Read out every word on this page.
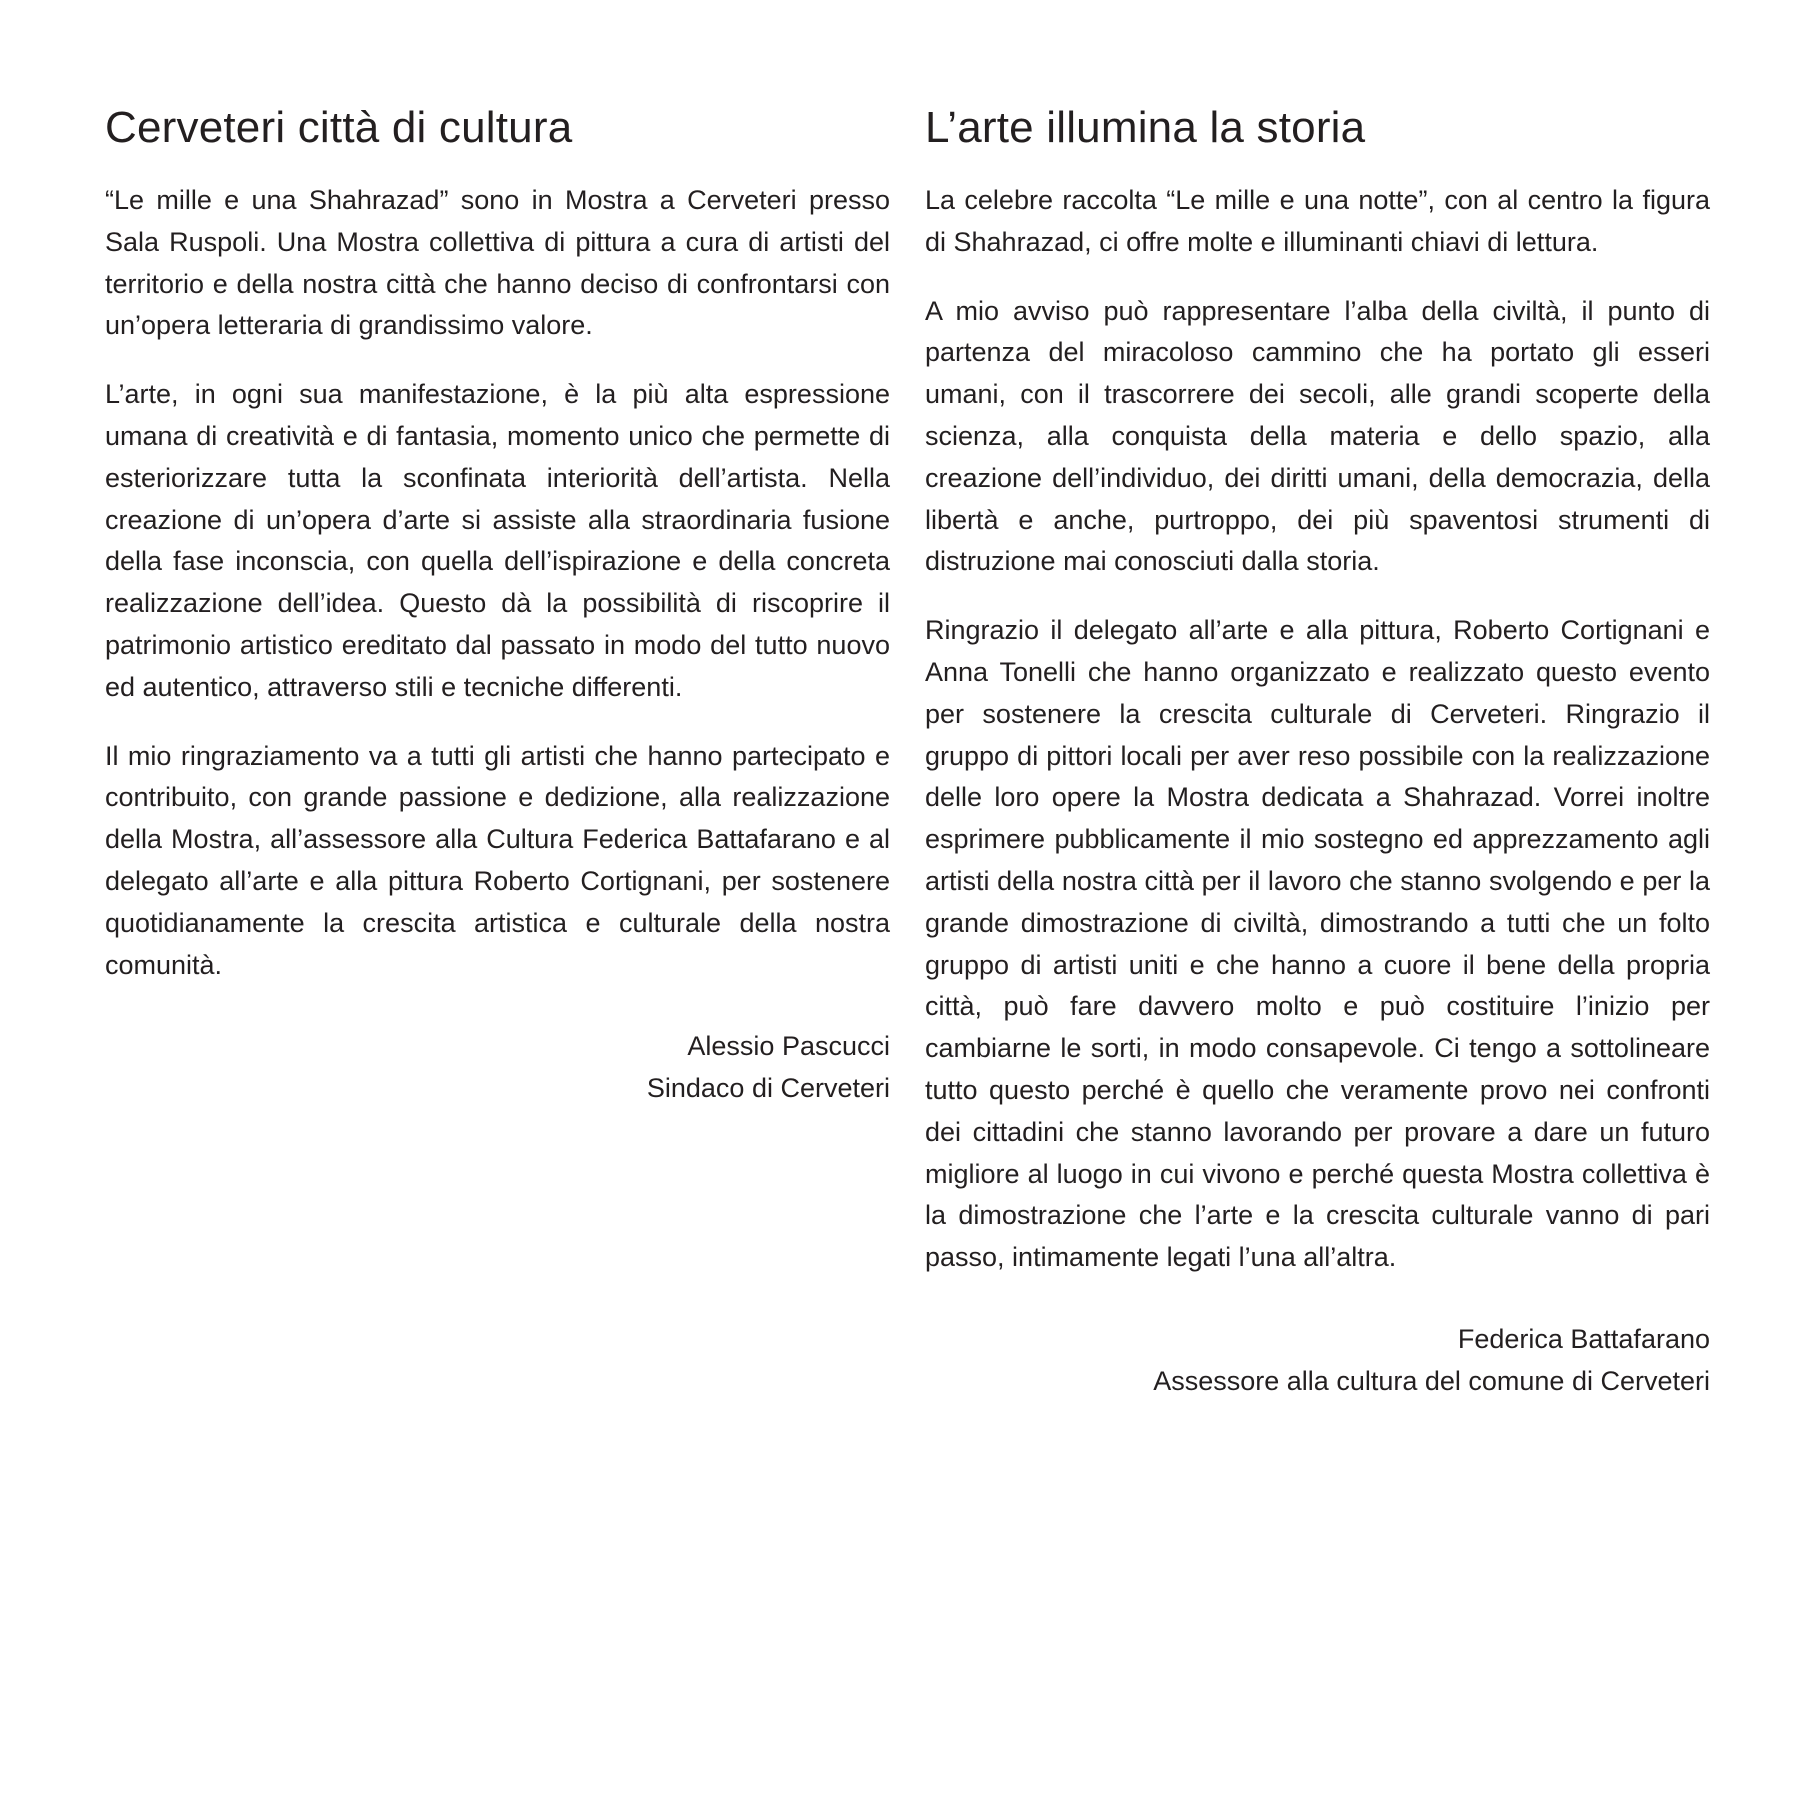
Cerveteri città di cultura

“Le mille e una Shahrazad” sono in Mostra a Cerveteri presso Sala Ruspoli. Una Mostra collettiva di pittura a cura di artisti del territorio e della nostra città che hanno deciso di confrontarsi con un’opera letteraria di grandissimo valore.

L’arte, in ogni sua manifestazione, è la più alta espressione umana di creatività e di fantasia, momento unico che permette di esteriorizzare tutta la sconfinata interiorità dell’artista. Nella creazione di un’opera d’arte si assiste alla straordinaria fusione della fase inconscia, con quella dell’ispirazione e della concreta realizzazione dell’idea. Questo dà la possibilità di riscoprire il patrimonio artistico ereditato dal passato in modo del tutto nuovo ed autentico, attraverso stili e tecniche differenti.

Il mio ringraziamento va a tutti gli artisti che hanno partecipato e contribuito, con grande passione e dedizione, alla realizzazione della Mostra, all’assessore alla Cultura Federica Battafarano e al delegato all’arte e alla pittura Roberto Cortignani, per sostenere quotidianamente la crescita artistica e culturale della nostra comunità.

Alessio Pascucci
Sindaco di Cerveteri
L’arte illumina la storia

La celebre raccolta “Le mille e una notte”, con al centro la figura di Shahrazad, ci offre molte e illuminanti chiavi di lettura.

A mio avviso può rappresentare l’alba della civiltà, il punto di partenza del miracoloso cammino che ha portato gli esseri umani, con il trascorrere dei secoli, alle grandi scoperte della scienza, alla conquista della materia e dello spazio, alla creazione dell’individuo, dei diritti umani, della democrazia, della libertà e anche, purtroppo, dei più spaventosi strumenti di distruzione mai conosciuti dalla storia.

Ringrazio il delegato all’arte e alla pittura, Roberto Cortignani e Anna Tonelli che hanno organizzato e realizzato questo evento per sostenere la crescita culturale di Cerveteri. Ringrazio il gruppo di pittori locali per aver reso possibile con la realizzazione delle loro opere la Mostra dedicata a Shahrazad. Vorrei inoltre esprimere pubblicamente il mio sostegno ed apprezzamento agli artisti della nostra città per il lavoro che stanno svolgendo e per la grande dimostrazione di civiltà, dimostrando a tutti che un folto gruppo di artisti uniti e che hanno a cuore il bene della propria città, può fare davvero molto e può costituire l’inizio per cambiarne le sorti, in modo consapevole. Ci tengo a sottolineare tutto questo perché è quello che veramente provo nei confronti dei cittadini che stanno lavorando per provare a dare un futuro migliore al luogo in cui vivono e perché questa Mostra collettiva è la dimostrazione che l’arte e la crescita culturale vanno di pari passo, intimamente legati l’una all’altra.

Federica Battafarano
Assessore alla cultura del comune di Cerveteri
